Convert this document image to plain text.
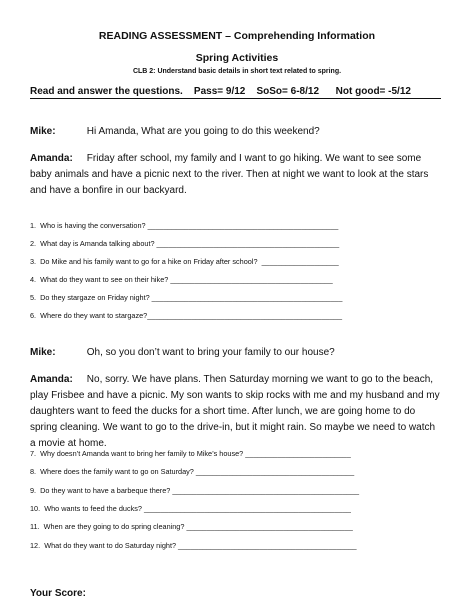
READING ASSESSMENT – Comprehending Information
Spring Activities
CLB 2: Understand basic details in short text related to spring.
Read and answer the questions.    Pass= 9/12    SoSo= 6-8/12      Not good= -5/12
Mike:	Hi Amanda, What are you going to do this weekend?
Amanda: Friday after school, my family and I want to go hiking. We want to see some baby animals and have a picnic next to the river. Then at night we want to look at the stars and have a bonfire in our backyard.
1.  Who is having the conversation? _______________________________________________
2.  What day is Amanda talking about? _____________________________________________
3.  Do Mike and his family want to go for a hike on Friday after school?  ___________________
4.  What do they want to see on their hike? ________________________________________
5.  Do they stargaze on Friday night? _______________________________________________
6.  Where do they want to stargaze?________________________________________________
Mike:	Oh, so you don’t want to bring your family to our house?
Amanda: No, sorry. We have plans. Then Saturday morning we want to go to the beach, play Frisbee and have a picnic. My son wants to skip rocks with me and my husband and my daughters want to feed the ducks for a short time. After lunch, we are going home to do spring cleaning. We want to go to the drive-in, but it might rain. So maybe we need to watch a movie at home.
7.  Why doesn’t Amanda want to bring her family to Mike’s house? __________________________
8.  Where does the family want to go on Saturday? _______________________________________
9.  Do they want to have a barbeque there? ______________________________________________
10.  Who wants to feed the ducks? ___________________________________________________
11.  When are they going to do spring cleaning? _________________________________________
12.  What do they want to do Saturday night? ____________________________________________
Your Score:
